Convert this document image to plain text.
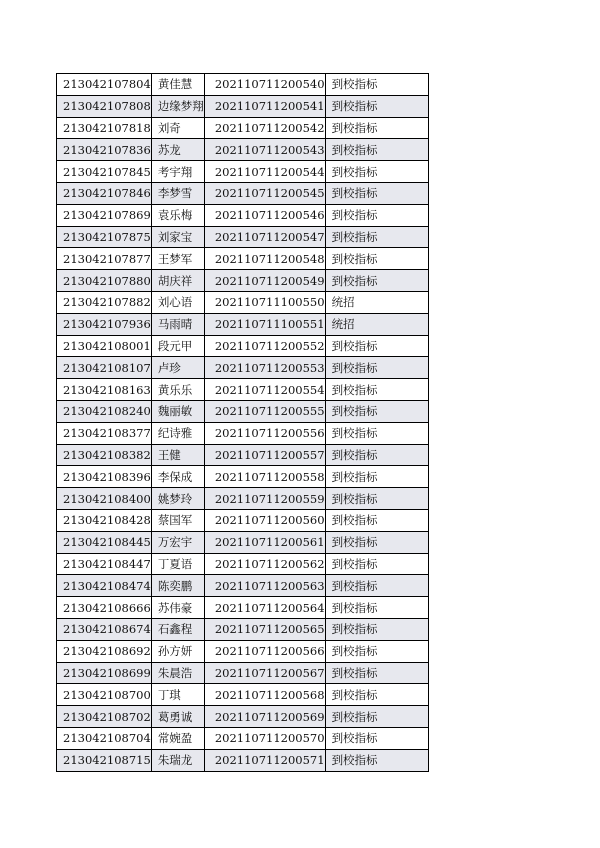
213042107804	黄佳慧	202110711200540	到校指标
213042107808	边缘梦翔	202110711200541	到校指标
213042107818	刘奇	202110711200542	到校指标
213042107836	苏龙	202110711200543	到校指标
213042107845	考宇翔	202110711200544	到校指标
213042107846	李梦雪	202110711200545	到校指标
213042107869	袁乐梅	202110711200546	到校指标
213042107875	刘家宝	202110711200547	到校指标
213042107877	王梦军	202110711200548	到校指标
213042107880	胡庆祥	202110711200549	到校指标
213042107882	刘心语	202110711100550	统招
213042107936	马雨晴	202110711100551	统招
213042108001	段元甲	202110711200552	到校指标
213042108107	卢珍	202110711200553	到校指标
213042108163	黄乐乐	202110711200554	到校指标
213042108240	魏丽敏	202110711200555	到校指标
213042108377	纪诗雅	202110711200556	到校指标
213042108382	王健	202110711200557	到校指标
213042108396	李保成	202110711200558	到校指标
213042108400	姚梦玲	202110711200559	到校指标
213042108428	蔡国军	202110711200560	到校指标
213042108445	万宏宇	202110711200561	到校指标
213042108447	丁夏语	202110711200562	到校指标
213042108474	陈奕鹏	202110711200563	到校指标
213042108666	苏伟豪	202110711200564	到校指标
213042108674	石鑫程	202110711200565	到校指标
213042108692	孙方妍	202110711200566	到校指标
213042108699	朱晨浩	202110711200567	到校指标
213042108700	丁琪	202110711200568	到校指标
213042108702	葛勇诚	202110711200569	到校指标
213042108704	常婉盈	202110711200570	到校指标
213042108715	朱瑞龙	202110711200571	到校指标
